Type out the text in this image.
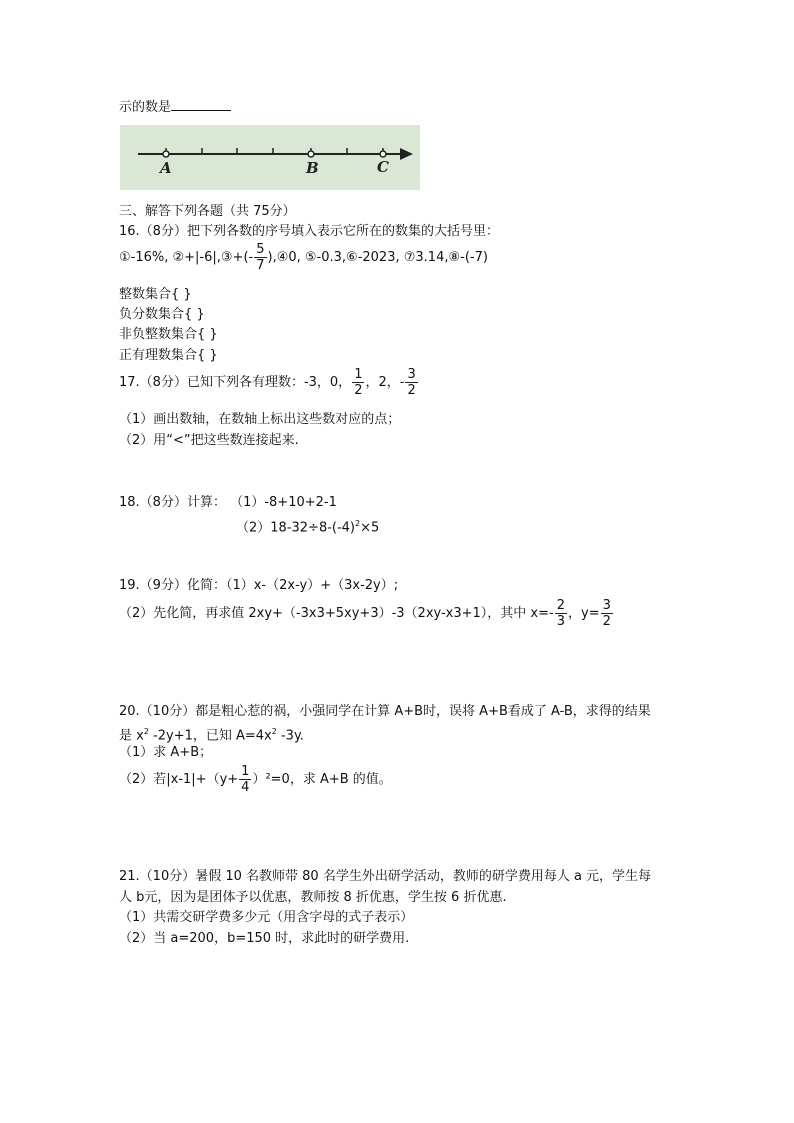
示的数是
A	B	C
三、解答下列各题（共 75分）
16.（8分）把下列各数的序号填入表示它所在的数集的大括号里：
①-16%, ②+|-6|,③+(- $\frac{5}{7}$ ),④0, ⑤-0.3,⑥-2023, ⑦3.14,⑧-(-7)
整数集合{ }
负分数集合{ }
非负整数集合{ }
正有理数集合{ }
17.（8分）已知下列各有理数：-3，0， $\frac{1}{2}$ ，2，- $\frac{3}{2}$
（1）画出数轴，在数轴上标出这些数对应的点；
（2）用“<”把这些数连接起来.
18.（8分）计算： （1）-8+10+2-1
$(2)18-32\div 8-(-4)^2\times 5$
19.（9分）化简：（1）x-（2x-y）+（3x-2y）;
（2）先化简，再求值 2xy+（-3x3+5xy+3）-3（2xy-x3+1），其中 $x=- \frac{2}{3}$ ，$y= \frac{3}{2}$
20.（10分）都是粗心惹的祸，小强同学在计算 A+B时，误将 A+B看成了 A-B，求得的结果
是 $x^2$ -2y+1，已知 $A=4x^2$ -3y.
（1）求 A+B；
（2）若$|x-1|+(y+ \frac{1}{4} )^2=0$，求 A+B 的值。
21.（10分）暑假 10 名教师带 80 名学生外出研学活动，教师的研学费用每人 a 元，学生每
人 b元，因为是团体予以优惠，教师按 8 折优惠，学生按 6 折优惠.
（1）共需交研学费多少元（用含字母的式子表示）
（2）当 a=200，b=150 时，求此时的研学费用.
